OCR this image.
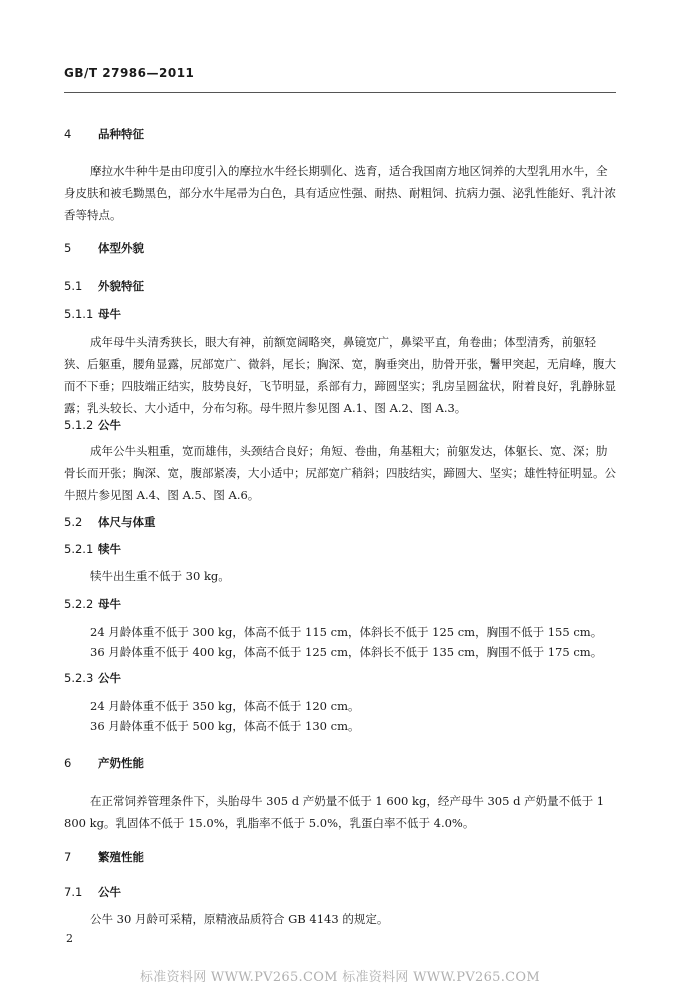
GB/T 27986—2011
4 品种特征
摩拉水牛种牛是由印度引入的摩拉水牛经长期驯化、选育，适合我国南方地区饲养的大型乳用水牛，全身皮肤和被毛黝黑色，部分水牛尾帚为白色，具有适应性强、耐热、耐粗饲、抗病力强、泌乳性能好、乳汁浓香等特点。
5 体型外貌
5.1 外貌特征
5.1.1 母牛
成年母牛头清秀狭长，眼大有神，前额宽阔略突，鼻镜宽广，鼻梁平直，角卷曲；体型清秀，前躯轻狭、后躯重，腰角显露，尻部宽广、微斜，尾长；胸深、宽，胸垂突出，肋骨开张，鬐甲突起，无肩峰，腹大而不下垂；四肢端正结实，肢势良好，飞节明显，系部有力，蹄圆坚实；乳房呈圆盆状，附着良好，乳静脉显露；乳头较长、大小适中，分布匀称。母牛照片参见图 A.1、图 A.2、图 A.3。
5.1.2 公牛
成年公牛头粗重，宽而雄伟，头颈结合良好；角短、卷曲，角基粗大；前躯发达，体躯长、宽、深；肋骨长而开张；胸深、宽，腹部紧凑，大小适中；尻部宽广稍斜；四肢结实，蹄圆大、坚实；雄性特征明显。公牛照片参见图 A.4、图 A.5、图 A.6。
5.2 体尺与体重
5.2.1 犊牛
犊牛出生重不低于 30 kg。
5.2.2 母牛
24 月龄体重不低于 300 kg，体高不低于 115 cm，体斜长不低于 125 cm，胸围不低于 155 cm。
36 月龄体重不低于 400 kg，体高不低于 125 cm，体斜长不低于 135 cm，胸围不低于 175 cm。
5.2.3 公牛
24 月龄体重不低于 350 kg，体高不低于 120 cm。
36 月龄体重不低于 500 kg，体高不低于 130 cm。
6 产奶性能
在正常饲养管理条件下，头胎母牛 305 d 产奶量不低于 1 600 kg，经产母牛 305 d 产奶量不低于 1 800 kg。乳固体不低于 15.0%，乳脂率不低于 5.0%，乳蛋白率不低于 4.0%。
7 繁殖性能
7.1 公牛
公牛 30 月龄可采精，原精液品质符合 GB 4143 的规定。
2
标准资料网 WWW.PV265.COM 标准资料网 WWW.PV265.COM
